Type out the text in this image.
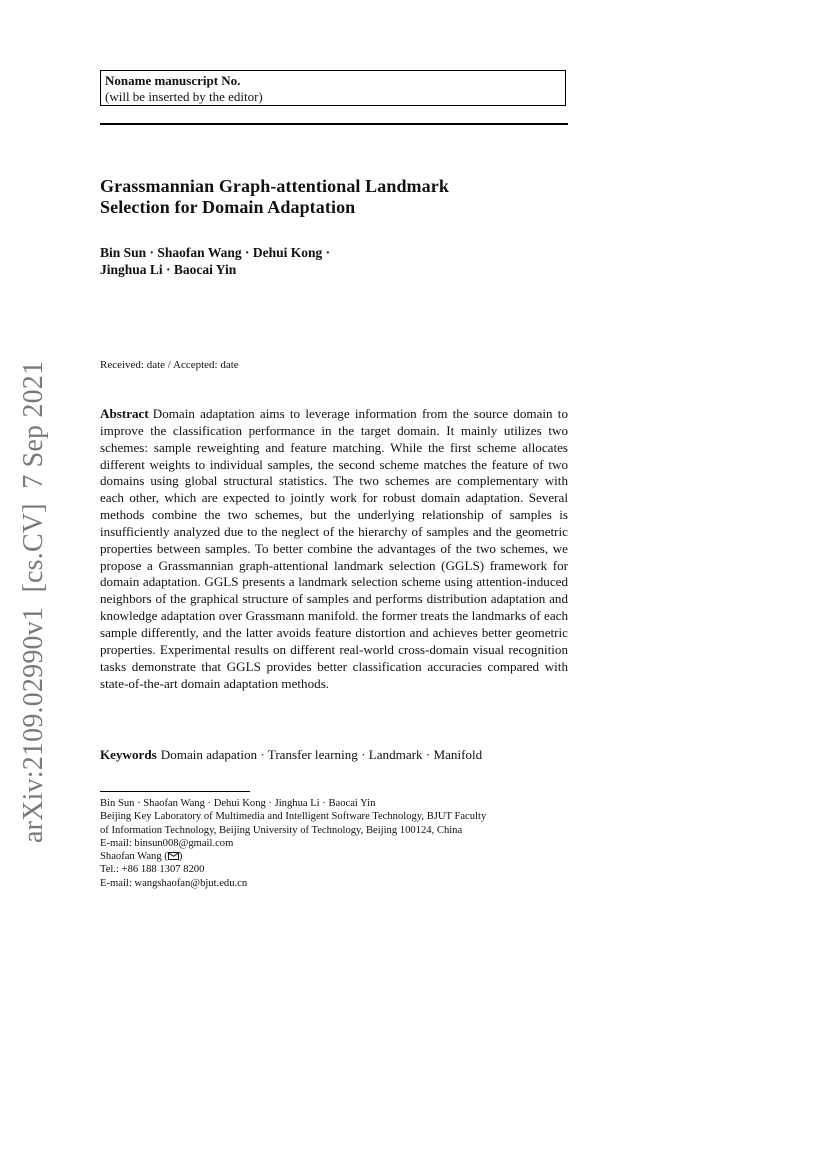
Noname manuscript No.
(will be inserted by the editor)
Grassmannian Graph-attentional Landmark
Selection for Domain Adaptation
Bin Sun · Shaofan Wang · Dehui Kong ·
Jinghua Li · Baocai Yin
Received: date / Accepted: date
Abstract Domain adaptation aims to leverage information from the source domain to improve the classification performance in the target domain. It mainly utilizes two schemes: sample reweighting and feature matching. While the first scheme allocates different weights to individual samples, the second scheme matches the feature of two domains using global structural statistics. The two schemes are complementary with each other, which are expected to jointly work for robust domain adaptation. Several methods combine the two schemes, but the underlying relationship of samples is insufficiently analyzed due to the neglect of the hierarchy of samples and the geometric properties between samples. To better combine the advantages of the two schemes, we propose a Grassmannian graph-attentional landmark selection (GGLS) framework for domain adaptation. GGLS presents a landmark selection scheme using attention-induced neighbors of the graphical structure of samples and performs distribution adaptation and knowledge adaptation over Grassmann manifold. the former treats the landmarks of each sample differently, and the latter avoids feature distortion and achieves better geometric properties. Experimental results on different real-world cross-domain visual recognition tasks demonstrate that GGLS provides better classification accuracies compared with state-of-the-art domain adaptation methods.
Keywords Domain adapation · Transfer learning · Landmark · Manifold
Bin Sun · Shaofan Wang · Dehui Kong · Jinghua Li · Baocai Yin
Beijing Key Laboratory of Multimedia and Intelligent Software Technology, BJUT Faculty
of Information Technology, Beijing University of Technology, Beijing 100124, China
E-mail: binsun008@gmail.com
Shaofan Wang ( )
Tel.: +86 188 1307 8200
E-mail: wangshaofan@bjut.edu.cn
arXiv:2109.02990v1  [cs.CV]  7 Sep 2021
